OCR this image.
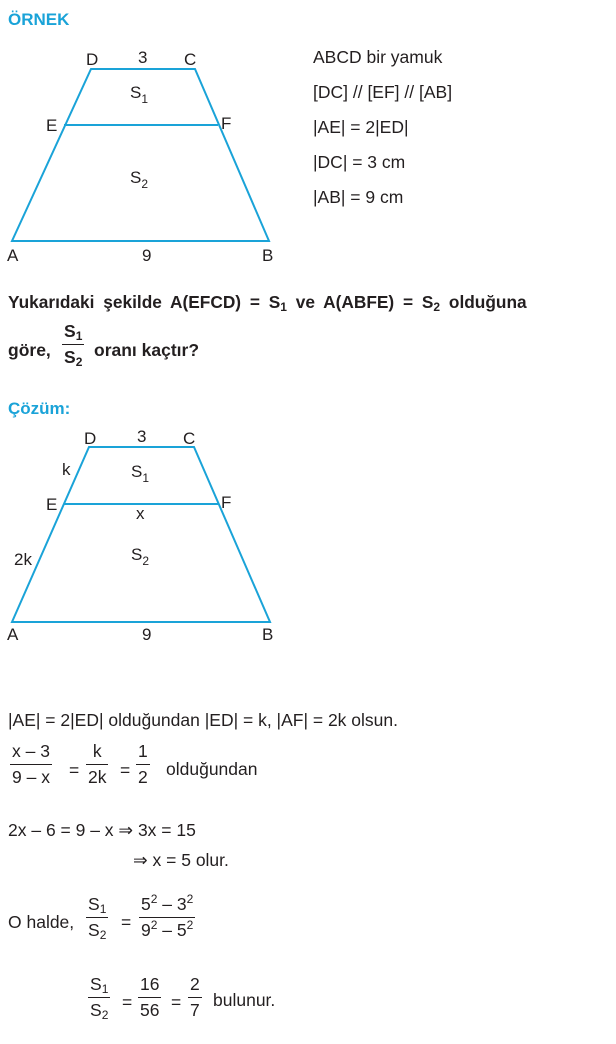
ÖRNEK
D 3 C
E	F
$S_1$
$S_2$
A	9	B
ABCD bir yamuk
[DC] // [EF] // [AB]
|AE| = 2|ED|
|DC| = 3 cm
|AB| = 9 cm
Yukarıdaki şekilde A(EFCD) = $S_1$ ve A(ABFE) = $S_2$ olduğuna
göre,
$S_1$
$S_2$
oranı kaçtır?
Çözüm:
D 3 C
k	$S_1$
E	F
x
2k	$S_2$
A	9	B
|AE| = 2|ED| olduğundan |ED| = k, |AF| = 2k olsun.
x – 3
9 – x =
k
2k =
1
2 olduğundan
2x – 6 = 9 – x ⇒ 3x = 15
⇒ x = 5 olur.
O halde,
$S_1$
$S_2$
=
$5^2 - 3^2$
$9^2 - 5^2$
$S_1$
$S_2$
=
16
56 =
2
7 bulunur.
